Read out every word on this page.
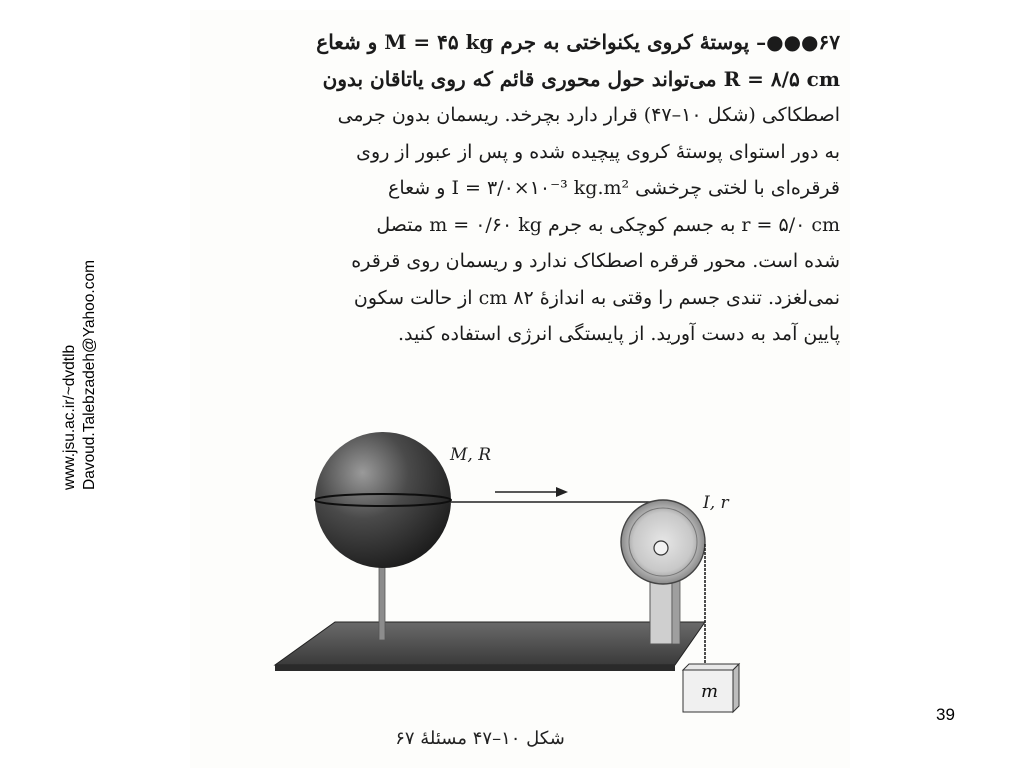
www.jsu.ac.ir/~dvdtlb Davoud.Talebzadeh@Yahoo.com
۶۷●●●– پوستهٔ کروی یکنواختی به جرم M = ۴۵ kg و شعاع
R = ۸/۵ cm می‌تواند حول محوری قائم که روی یاتاقان بدون
اصطکاکی (شکل ۱۰–۴۷) قرار دارد بچرخد. ریسمان بدون جرمی
به دور استوای پوستهٔ کروی پیچیده شده و پس از عبور از روی
قرقره‌ای با لختی چرخشی I = ۳/۰×۱۰⁻³ kg.m² و شعاع
r = ۵/۰ cm به جسم کوچکی به جرم m = ۰/۶۰ kg متصل
شده است. محور قرقره اصطکاک ندارد و ریسمان روی قرقره
نمی‌لغزد. تندی جسم را وقتی به اندازهٔ ۸۲ cm از حالت سکون
پایین آمد به دست آورید. از پایستگی انرژی استفاده کنید.
M, R
I, r
m
شکل ۱۰–۴۷ مسئلهٔ ۶۷
39
